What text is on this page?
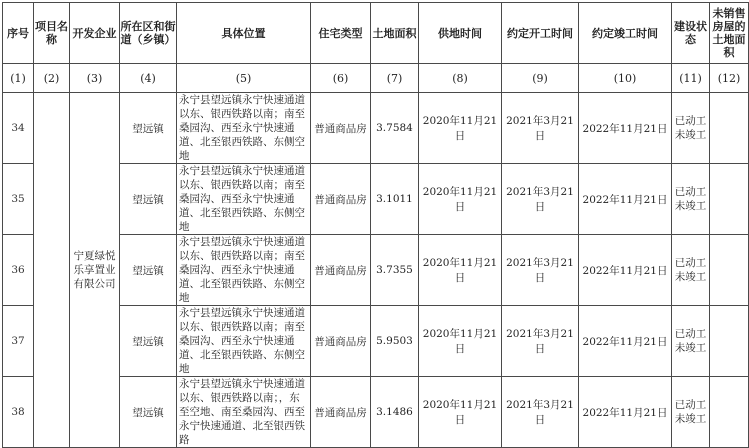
序号	项目名称	开发企业	所在区和街道（乡镇）	具体位置	住宅类型	土地面积	供地时间	约定开工时间	约定竣工时间	建设状态	未销售房屋的土地面积
(1)	(2)	(3)	(4)	(5)	(6)	(7)	(8)	(9)	(10)	(11)	(12)
34		宁夏绿悦乐享置业有限公司	望远镇	永宁县望远镇永宁快速通道以东、银西铁路以南；南至桑园沟、西至永宁快速通道、北至银西铁路、东侧空地	普通商品房	3.7584	2020年11月21日	2021年3月21日	2022年11月21日	已动工未竣工	
35			望远镇	永宁县望远镇永宁快速通道以东、银西铁路以南；南至桑园沟、西至永宁快速通道、北至银西铁路、东侧空地	普通商品房	3.1011	2020年11月21日	2021年3月21日	2022年11月21日	已动工未竣工	
36			望远镇	永宁县望远镇永宁快速通道以东、银西铁路以南；南至桑园沟、西至永宁快速通道、北至银西铁路、东侧空地	普通商品房	3.7355	2020年11月21日	2021年3月21日	2022年11月21日	已动工未竣工	
37			望远镇	永宁县望远镇永宁快速通道以东、银西铁路以南；南至桑园沟、西至永宁快速通道、北至银西铁路、东侧空地	普通商品房	5.9503	2020年11月21日	2021年3月21日	2022年11月21日	已动工未竣工	
38			望远镇	永宁县望远镇永宁快速通道以东、银西铁路以南；，东至空地、南至桑园沟、西至永宁快速通道、北至银西铁路	普通商品房	3.1486	2020年11月21日	2021年3月21日	2022年11月21日	已动工未竣工	
